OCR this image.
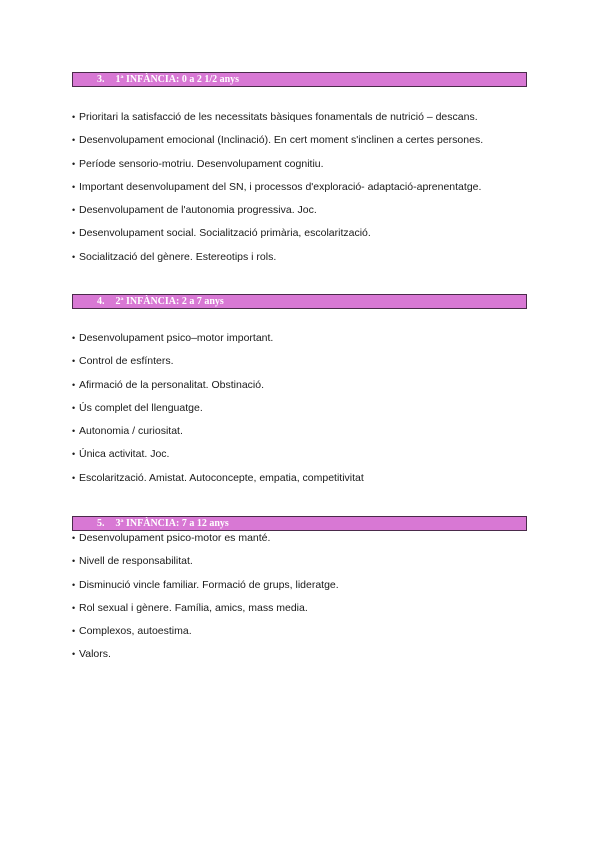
3. 1ª INFÀNCIA: 0 a 2 1/2 anys
• Prioritari la satisfacció de les necessitats bàsiques fonamentals de nutrició – descans.
• Desenvolupament emocional (Inclinació). En cert moment s'inclinen a certes persones.
• Període sensorio-motriu. Desenvolupament cognitiu.
• Important desenvolupament del SN, i processos d'exploració- adaptació-aprenentatge.
• Desenvolupament de l'autonomia progressiva. Joc.
• Desenvolupament social. Socialització primària, escolarització.
• Socialització del gènere. Estereotips i rols.
4. 2ª INFÀNCIA: 2 a 7 anys
• Desenvolupament psico–motor important.
• Control de esfínters.
• Afirmació de la personalitat. Obstinació.
• Ús complet del llenguatge.
• Autonomia / curiositat.
• Única activitat. Joc.
• Escolarització. Amistat. Autoconcepte, empatia, competitivitat
5. 3ª INFÀNCIA: 7 a 12 anys
• Desenvolupament psico-motor es manté.
• Nivell de responsabilitat.
• Disminució vincle familiar. Formació de grups, lideratge.
• Rol sexual i gènere. Família, amics, mass media.
• Complexos, autoestima.
• Valors.
